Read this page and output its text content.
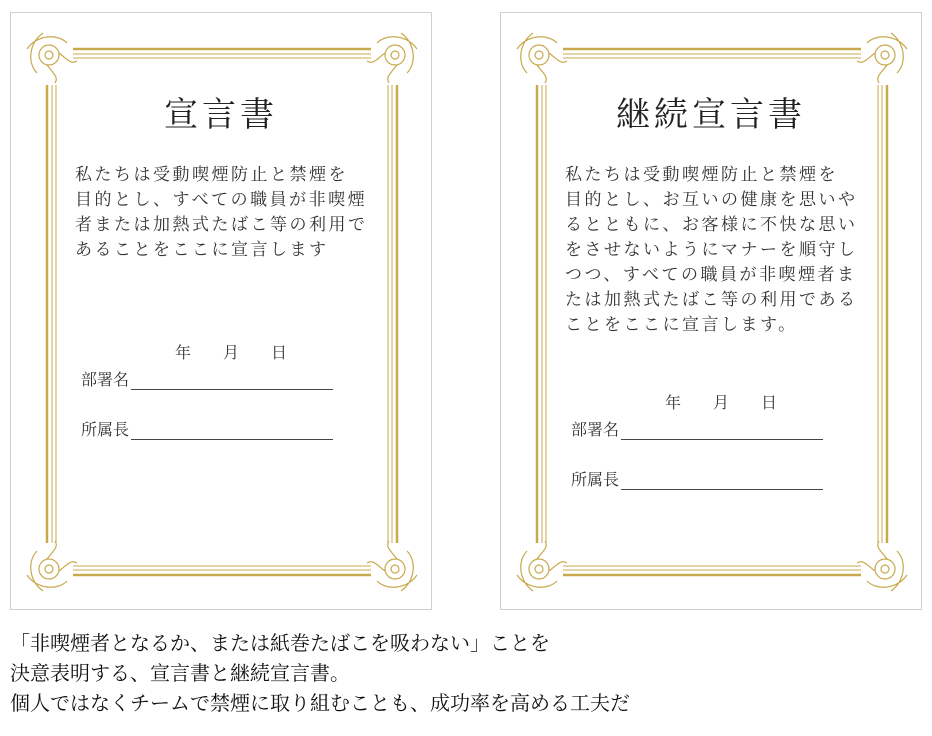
宣言書
私たちは受動喫煙防止と禁煙を
目的とし、すべての職員が非喫煙
者または加熱式たばこ等の利用で
あることをここに宣言します
年　　月　　日
部署名
所属長
継続宣言書
私たちは受動喫煙防止と禁煙を
目的とし、お互いの健康を思いや
るとともに、お客様に不快な思い
をさせないようにマナーを順守し
つつ、すべての職員が非喫煙者ま
たは加熱式たばこ等の利用である
ことをここに宣言します。
年　　月　　日
部署名
所属長
「非喫煙者となるか、または紙巻たばこを吸わない」ことを
決意表明する、宣言書と継続宣言書。
個人ではなくチームで禁煙に取り組むことも、成功率を高める工夫だ
